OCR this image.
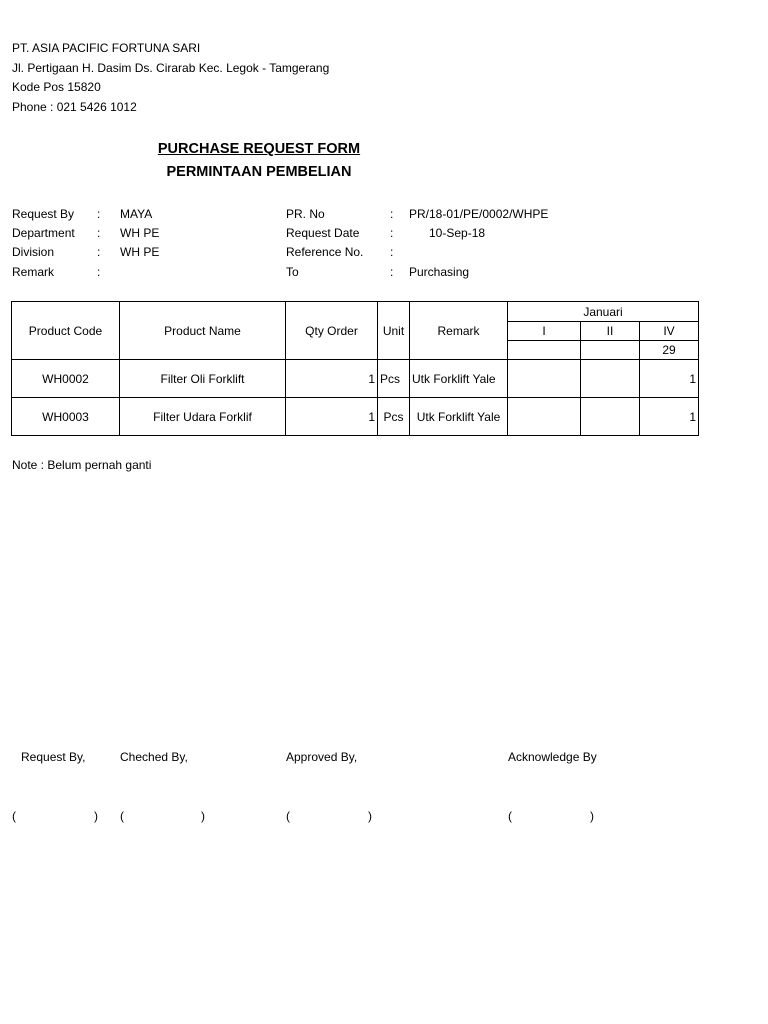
PT. ASIA PACIFIC FORTUNA SARI
Jl. Pertigaan H. Dasim Ds. Cirarab Kec. Legok - Tamgerang
Kode Pos 15820
Phone : 021 5426 1012
PURCHASE REQUEST FORM
PERMINTAAN PEMBELIAN
Request By : MAYA
Department : WH PE
Division	: WH PE
Remark	:
PR. No	: PR/18-01/PE/0002/WHPE
Request Date	:	10-Sep-18
Reference No. :
To	: Purchasing
Product Code	Product Name	Qty Order	Unit	Remark	Januari		
					I	II	IV
							29
WH0002	Filter Oli Forklift	1	Pcs	Utk Forklift Yale			1
WH0003	Filter Udara Forklif	1	Pcs	Utk Forklift Yale			1
Note : Belum pernah ganti
Request By,	Cheched By,	Approved By,	Acknowledge By
(	) (	)	(	)	(	)
